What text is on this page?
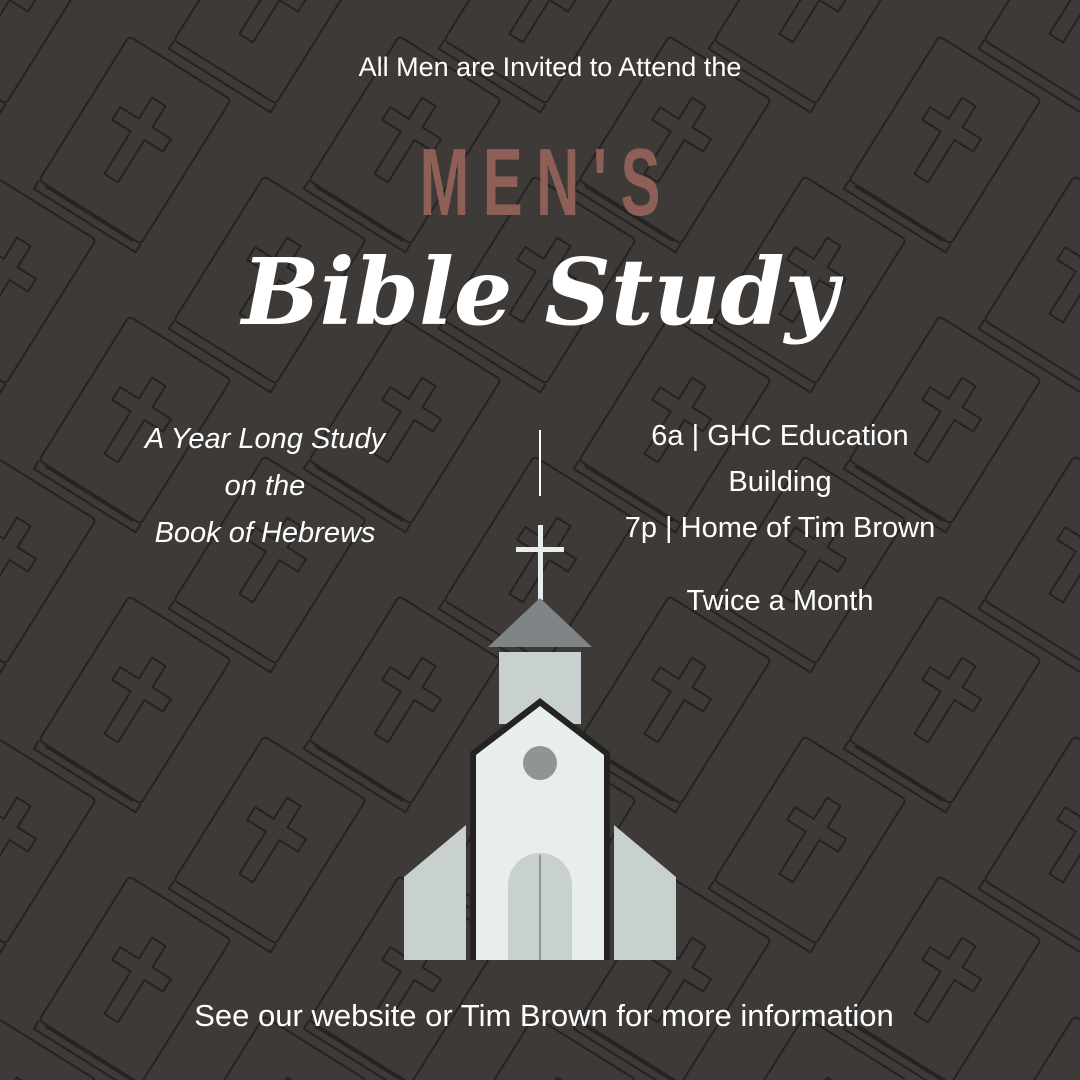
All Men are Invited to Attend the
MEN'S
Bible Study
A Year Long Study
on the
Book of Hebrews
6a | GHC Education
Building
7p | Home of Tim Brown
Twice a Month
See our website or Tim Brown for more information
